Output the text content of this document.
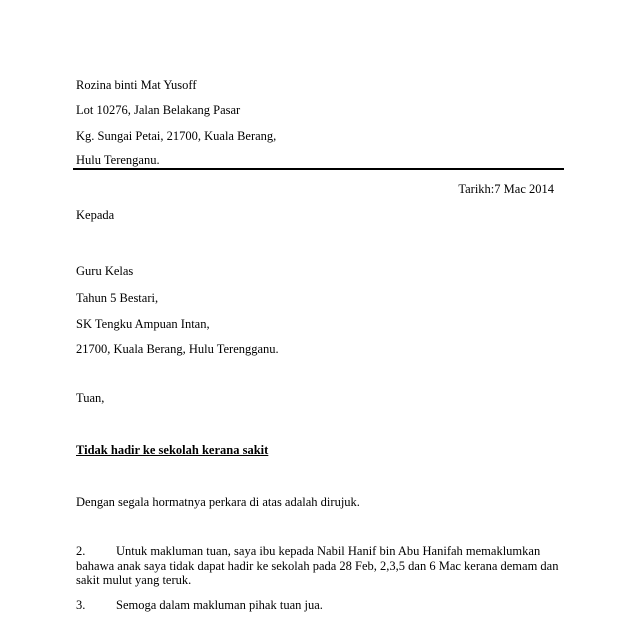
Rozina binti Mat Yusoff
Lot 10276, Jalan Belakang Pasar
Kg. Sungai Petai, 21700, Kuala Berang,
Hulu Terenganu.
Tarikh:7 Mac 2014
Kepada
Guru Kelas
Tahun 5 Bestari,
SK Tengku Ampuan Intan,
21700, Kuala Berang, Hulu Terengganu.
Tuan,
Tidak hadir ke sekolah kerana sakit
Dengan segala hormatnya perkara di atas adalah dirujuk.
2. Untuk makluman tuan, saya ibu kepada Nabil Hanif bin Abu Hanifah memaklumkan bahawa anak saya tidak dapat hadir ke sekolah pada 28 Feb, 2,3,5 dan 6 Mac kerana demam dan sakit mulut yang teruk.
3. Semoga dalam makluman pihak tuan jua.
